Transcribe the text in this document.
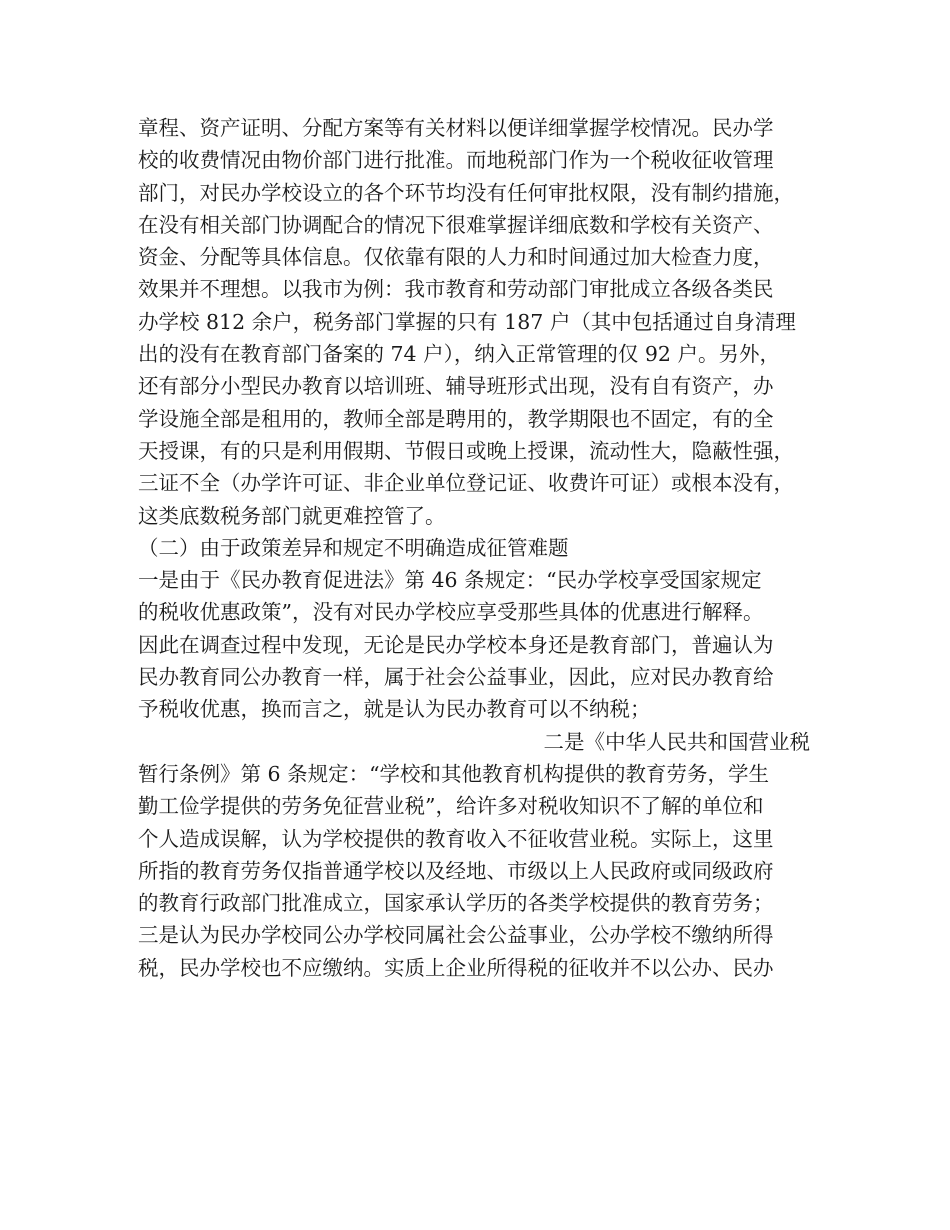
章程、资产证明、分配方案等有关材料以便详细掌握学校情况。民办学
校的收费情况由物价部门进行批准。而地税部门作为一个税收征收管理
部门，对民办学校设立的各个环节均没有任何审批权限，没有制约措施，
在没有相关部门协调配合的情况下很难掌握详细底数和学校有关资产、
资金、分配等具体信息。仅依靠有限的人力和时间通过加大检查力度，
效果并不理想。以我市为例：我市教育和劳动部门审批成立各级各类民
办学校 812 余户，税务部门掌握的只有 187 户（其中包括通过自身清理
出的没有在教育部门备案的 74 户），纳入正常管理的仅 92 户。另外，
还有部分小型民办教育以培训班、辅导班形式出现，没有自有资产，办
学设施全部是租用的，教师全部是聘用的，教学期限也不固定，有的全
天授课，有的只是利用假期、节假日或晚上授课，流动性大，隐蔽性强，
三证不全（办学许可证、非企业单位登记证、收费许可证）或根本没有，
这类底数税务部门就更难控管了。
（二）由于政策差异和规定不明确造成征管难题
一是由于《民办教育促进法》第 46 条规定：“民办学校享受国家规定
的税收优惠政策”，没有对民办学校应享受那些具体的优惠进行解释。
因此在调查过程中发现，无论是民办学校本身还是教育部门，普遍认为
民办教育同公办教育一样，属于社会公益事业，因此，应对民办教育给
予税收优惠，换而言之，就是认为民办教育可以不纳税；
二是《中华人民共和国营业税
暂行条例》第 6 条规定：“学校和其他教育机构提供的教育劳务，学生
勤工俭学提供的劳务免征营业税”，给许多对税收知识不了解的单位和
个人造成误解，认为学校提供的教育收入不征收营业税。实际上，这里
所指的教育劳务仅指普通学校以及经地、市级以上人民政府或同级政府
的教育行政部门批准成立，国家承认学历的各类学校提供的教育劳务；
三是认为民办学校同公办学校同属社会公益事业，公办学校不缴纳所得
税，民办学校也不应缴纳。实质上企业所得税的征收并不以公办、民办
